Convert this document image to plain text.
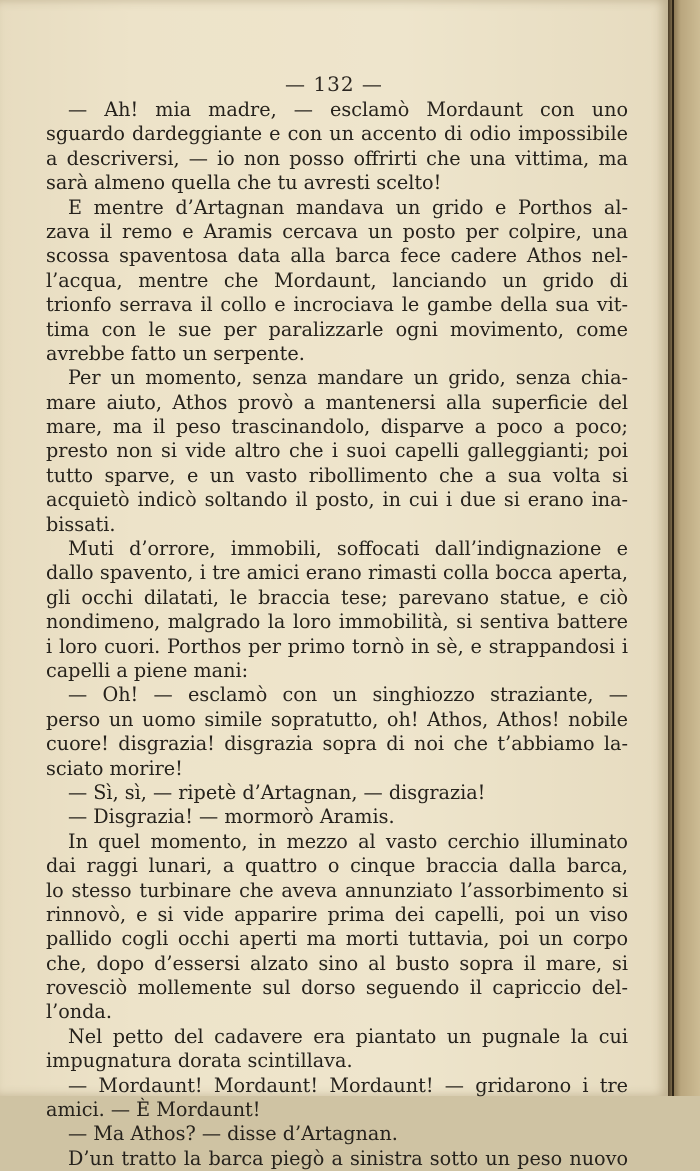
— 132 —
— Ah! mia madre, — esclamò Mordaunt con uno
sguardo dardeggiante e con un accento di odio impossibile
a descriversi, — io non posso offrirti che una vittima, ma
sarà almeno quella che tu avresti scelto!
E mentre d’Artagnan mandava un grido e Porthos al-
zava il remo e Aramis cercava un posto per colpire, una
scossa spaventosa data alla barca fece cadere Athos nel-
l’acqua, mentre che Mordaunt, lanciando un grido di
trionfo serrava il collo e incrociava le gambe della sua vit-
tima con le sue per paralizzarle ogni movimento, come
avrebbe fatto un serpente.
Per un momento, senza mandare un grido, senza chia-
mare aiuto, Athos provò a mantenersi alla superficie del
mare, ma il peso trascinandolo, disparve a poco a poco;
presto non si vide altro che i suoi capelli galleggianti; poi
tutto sparve, e un vasto ribollimento che a sua volta si
acquietò indicò soltando il posto, in cui i due si erano ina-
bissati.
Muti d’orrore, immobili, soffocati dall’indignazione e
dallo spavento, i tre amici erano rimasti colla bocca aperta,
gli occhi dilatati, le braccia tese; parevano statue, e ciò
nondimeno, malgrado la loro immobilità, si sentiva battere
i loro cuori. Porthos per primo tornò in sè, e strappandosi i
capelli a piene mani:
— Oh! — esclamò con un singhiozzo straziante, —
perso un uomo simile sopratutto, oh! Athos, Athos! nobile
cuore! disgrazia! disgrazia sopra di noi che t’abbiamo la-
sciato morire!
— Sì, sì, — ripetè d’Artagnan, — disgrazia!
— Disgrazia! — mormorò Aramis.
In quel momento, in mezzo al vasto cerchio illuminato
dai raggi lunari, a quattro o cinque braccia dalla barca,
lo stesso turbinare che aveva annunziato l’assorbimento si
rinnovò, e si vide apparire prima dei capelli, poi un viso
pallido cogli occhi aperti ma morti tuttavia, poi un corpo
che, dopo d’essersi alzato sino al busto sopra il mare, si
rovesciò mollemente sul dorso seguendo il capriccio del-
l’onda.
Nel petto del cadavere era piantato un pugnale la cui
impugnatura dorata scintillava.
— Mordaunt! Mordaunt! Mordaunt! — gridarono i tre
amici. — È Mordaunt!
— Ma Athos? — disse d’Artagnan.
D’un tratto la barca piegò a sinistra sotto un peso nuovo
